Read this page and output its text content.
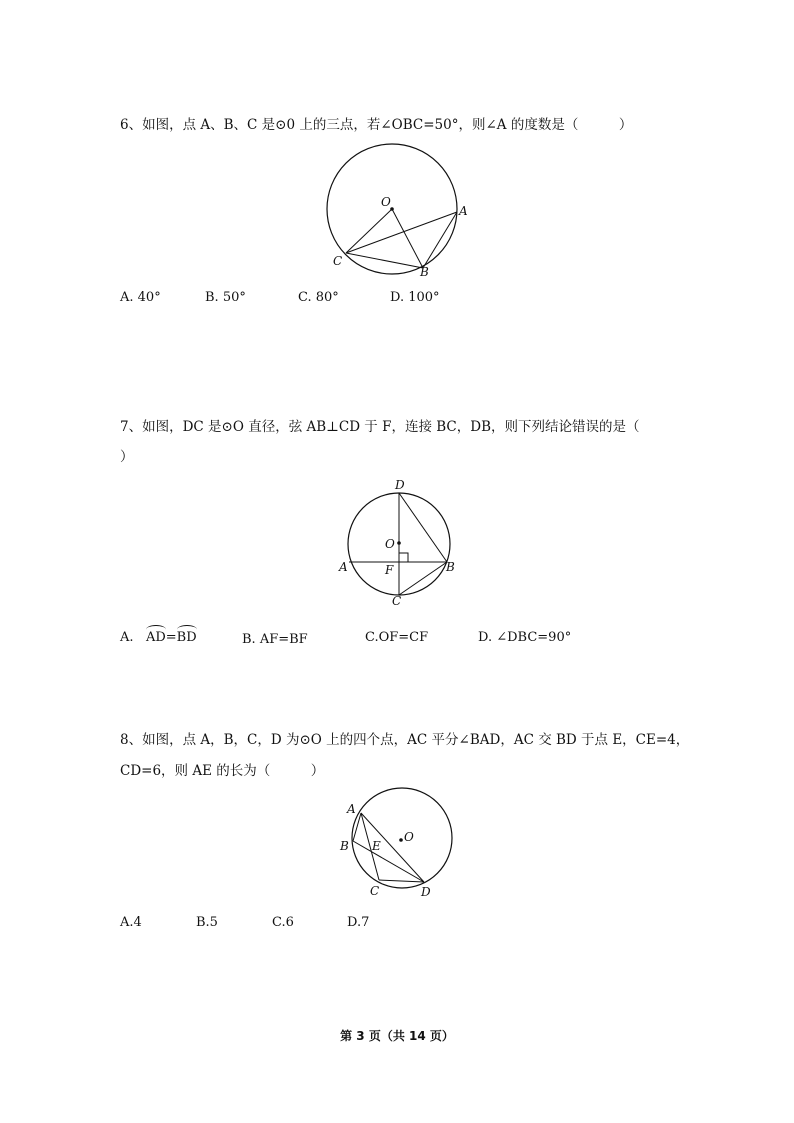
6、如图，点 A、B、C 是⊙0 上的三点，若∠OBC=50°，则∠A 的度数是（　　　）
O
A
C
B
A. 40°	B. 50°	C. 80°	D. 100°
7、如图，DC 是⊙O 直径，弦 AB⊥CD 于 F，连接 BC，DB，则下列结论错误的是（
）
D
O
A	F	B
C
A. AD=BD	B. AF=BF	C.OF=CF	D. ∠DBC=90°
8、如图，点 A，B，C，D 为⊙O 上的四个点，AC 平分∠BAD，AC 交 BD 于点 E，CE=4，
CD=6，则 AE 的长为（　　　）
A
O
B E
C	D
A.4	B.5	C.6	D.7
第 3 页（共 14 页）
